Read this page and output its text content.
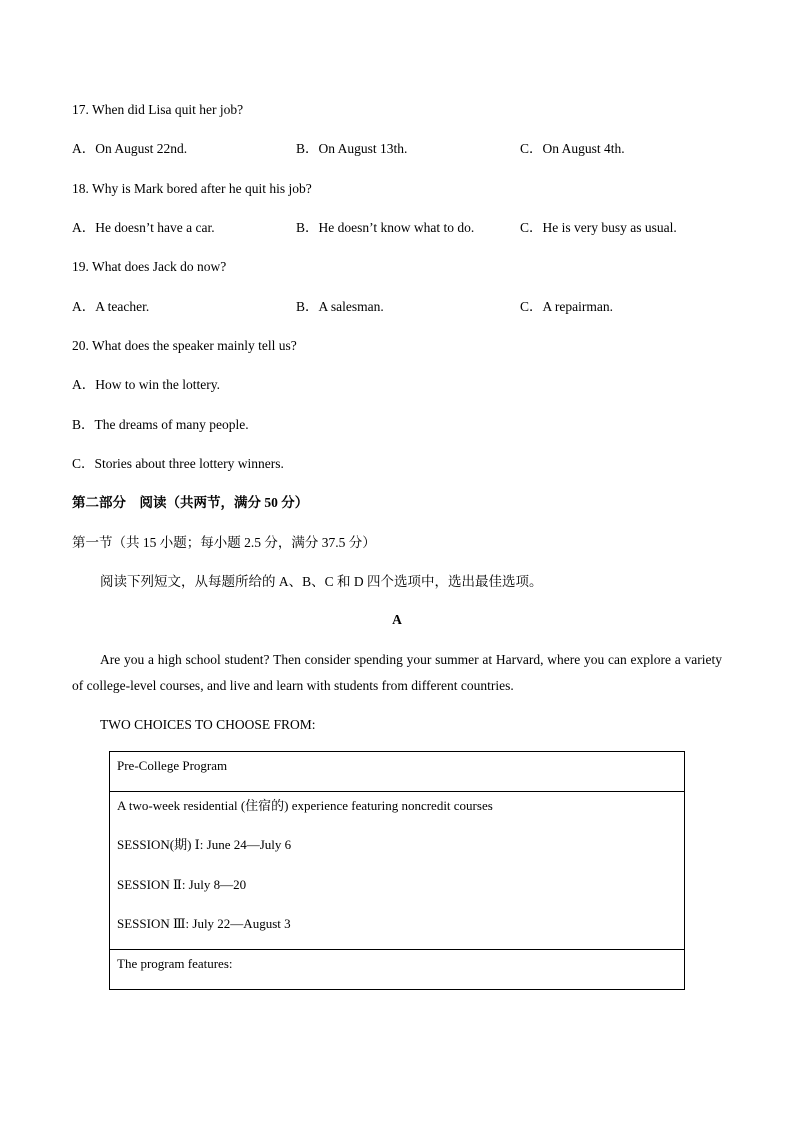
17. When did Lisa quit her job?
A．On August 22nd.	B．On August 13th.	C．On August 4th.
18. Why is Mark bored after he quit his job?
A．He doesn’t have a car.	B．He doesn’t know what to do.	C．He is very busy as usual.
19. What does Jack do now?
A．A teacher.	B．A salesman.	C．A repairman.
20. What does the speaker mainly tell us?
A．How to win the lottery.
B．The dreams of many people.
C．Stories about three lottery winners.
第二部分　阅读（共两节，满分 50 分）
第一节（共 15 小题；每小题 2.5 分，满分 37.5 分）
阅读下列短文，从每题所给的 A、B、C 和 D 四个选项中，选出最佳选项。
A
Are you a high school student? Then consider spending your summer at Harvard, where you can explore a variety of college-level courses, and live and learn with students from different countries.
TWO CHOICES TO CHOOSE FROM:
Pre-College Program

A two-week residential (住宿的) experience featuring noncredit courses
SESSION(期) Ⅰ: June 24—July 6
SESSION Ⅱ: July 8—20
SESSION Ⅲ: July 22—August 3

The program features:
